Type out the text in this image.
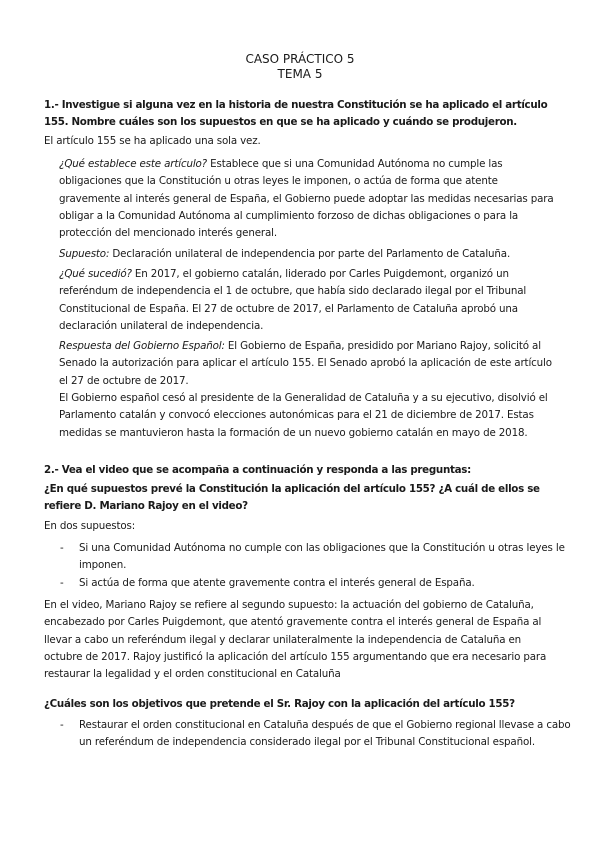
CASO PRÁCTICO 5
TEMA 5

1.- Investigue si alguna vez en la historia de nuestra Constitución se ha aplicado el artículo 155. Nombre cuáles son los supuestos en que se ha aplicado y cuándo se produjeron.

El artículo 155 se ha aplicado una sola vez.

¿Qué establece este artículo? Establece que si una Comunidad Autónoma no cumple las obligaciones que la Constitución u otras leyes le imponen, o actúa de forma que atente gravemente al interés general de España, el Gobierno puede adoptar las medidas necesarias para obligar a la Comunidad Autónoma al cumplimiento forzoso de dichas obligaciones o para la protección del mencionado interés general.

Supuesto: Declaración unilateral de independencia por parte del Parlamento de Cataluña.

¿Qué sucedió? En 2017, el gobierno catalán, liderado por Carles Puigdemont, organizó un referéndum de independencia el 1 de octubre, que había sido declarado ilegal por el Tribunal Constitucional de España. El 27 de octubre de 2017, el Parlamento de Cataluña aprobó una declaración unilateral de independencia.

Respuesta del Gobierno Español: El Gobierno de España, presidido por Mariano Rajoy, solicitó al Senado la autorización para aplicar el artículo 155. El Senado aprobó la aplicación de este artículo el 27 de octubre de 2017.

El Gobierno español cesó al presidente de la Generalidad de Cataluña y a su ejecutivo, disolvió el Parlamento catalán y convocó elecciones autonómicas para el 21 de diciembre de 2017. Estas medidas se mantuvieron hasta la formación de un nuevo gobierno catalán en mayo de 2018.

2.- Vea el video que se acompaña a continuación y responda a las preguntas:

¿En qué supuestos prevé la Constitución la aplicación del artículo 155? ¿A cuál de ellos se refiere D. Mariano Rajoy en el video?

En dos supuestos:

- Si una Comunidad Autónoma no cumple con las obligaciones que la Constitución u otras leyes le imponen.
- Si actúa de forma que atente gravemente contra el interés general de España.

En el video, Mariano Rajoy se refiere al segundo supuesto: la actuación del gobierno de Cataluña, encabezado por Carles Puigdemont, que atentó gravemente contra el interés general de España al llevar a cabo un referéndum ilegal y declarar unilateralmente la independencia de Cataluña en octubre de 2017. Rajoy justificó la aplicación del artículo 155 argumentando que era necesario para restaurar la legalidad y el orden constitucional en Cataluña

¿Cuáles son los objetivos que pretende el Sr. Rajoy con la aplicación del artículo 155?

- Restaurar el orden constitucional en Cataluña después de que el Gobierno regional llevase a cabo un referéndum de independencia considerado ilegal por el Tribunal Constitucional español.
